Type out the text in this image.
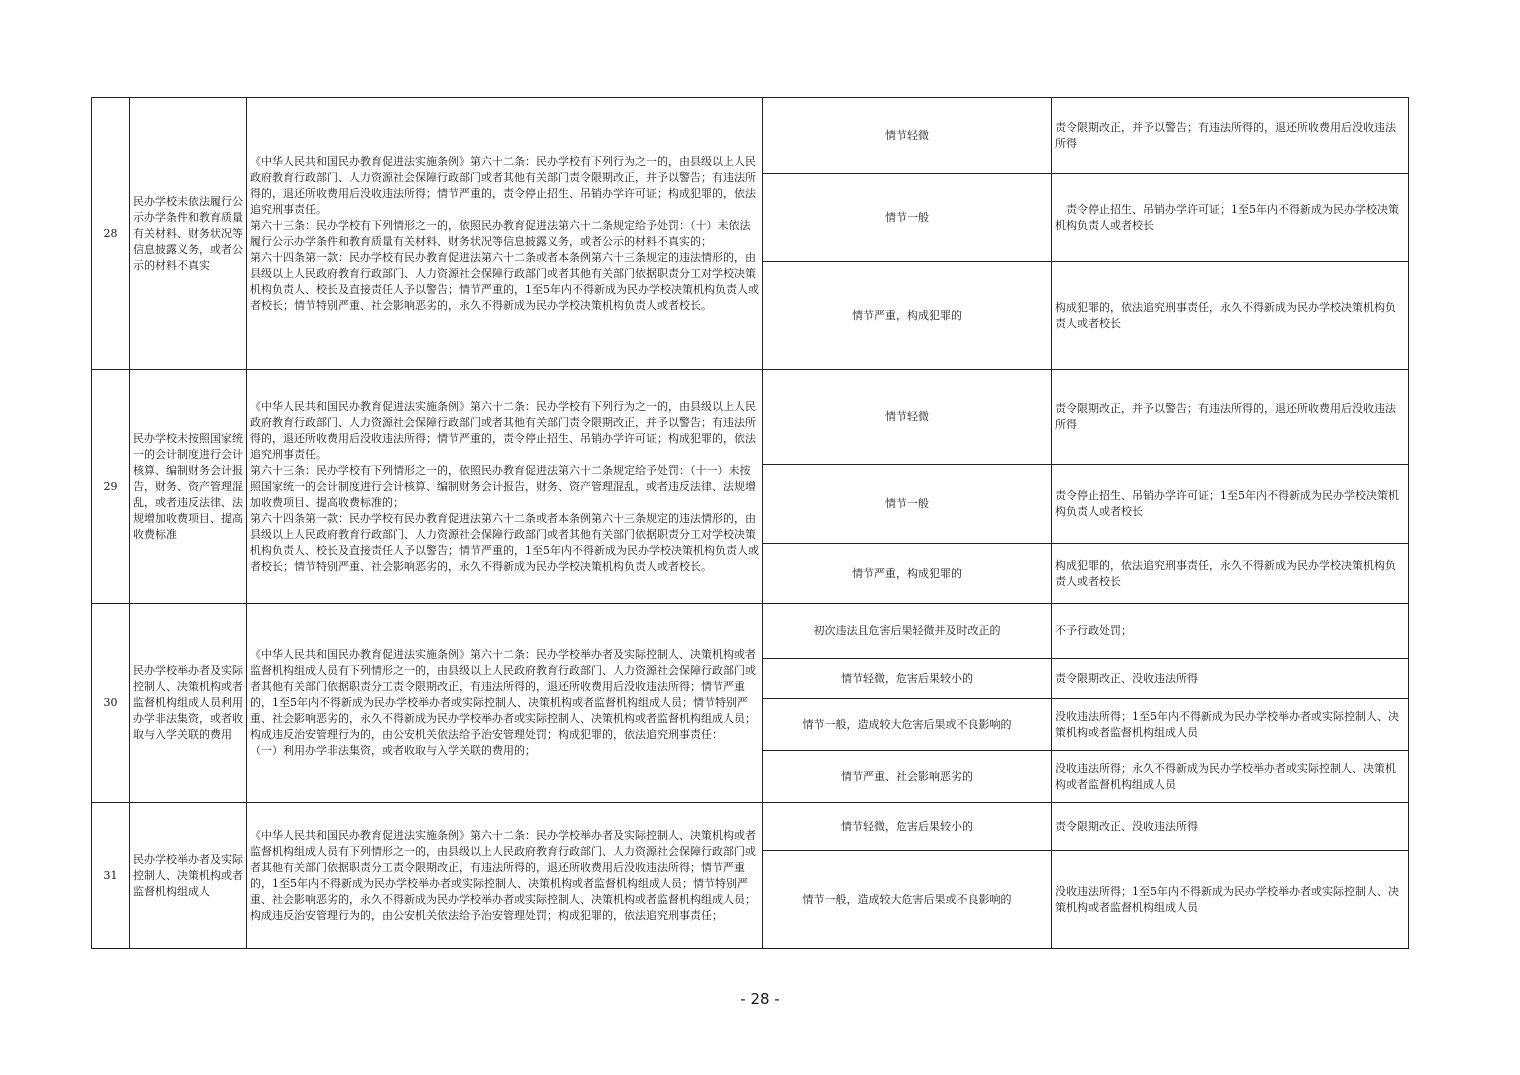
28	民办学校未依法履行公示办学条件和教育质量有关材料、财务状况等信息披露义务，或者公示的材料不真实	《中华人民共和国民办教育促进法实施条例》第六十二条：民办学校有下列行为之一的，由县级以上人民政府教育行政部门、人力资源社会保障行政部门或者其他有关部门责令限期改正，并予以警告；有违法所得的，退还所收费用后没收违法所得；情节严重的，责令停止招生、吊销办学许可证；构成犯罪的，依法追究刑事责任。
第六十三条：民办学校有下列情形之一的，依照民办教育促进法第六十二条规定给予处罚：（十）未依法履行公示办学条件和教育质量有关材料、财务状况等信息披露义务，或者公示的材料不真实的；
第六十四条第一款：民办学校有民办教育促进法第六十二条或者本条例第六十三条规定的违法情形的，由县级以上人民政府教育行政部门、人力资源社会保障行政部门或者其他有关部门依据职责分工对学校决策机构负责人、校长及直接责任人予以警告；情节严重的，1至5年内不得新成为民办学校决策机构负责人或者校长；情节特别严重、社会影响恶劣的，永久不得新成为民办学校决策机构负责人或者校长。	情节轻微	责令限期改正，并予以警告；有违法所得的，退还所收费用后没收违法所得
			情节一般	　责令停止招生、吊销办学许可证；1至5年内不得新成为民办学校决策机构负责人或者校长
			情节严重，构成犯罪的	构成犯罪的，依法追究刑事责任，永久不得新成为民办学校决策机构负责人或者校长
29	民办学校未按照国家统一的会计制度进行会计核算、编制财务会计报告，财务、资产管理混乱，或者违反法律、法规增加收费项目、提高收费标准	《中华人民共和国民办教育促进法实施条例》第六十二条：民办学校有下列行为之一的，由县级以上人民政府教育行政部门、人力资源社会保障行政部门或者其他有关部门责令限期改正，并予以警告；有违法所得的，退还所收费用后没收违法所得；情节严重的，责令停止招生、吊销办学许可证；构成犯罪的，依法追究刑事责任。
第六十三条：民办学校有下列情形之一的，依照民办教育促进法第六十二条规定给予处罚：（十一）未按照国家统一的会计制度进行会计核算、编制财务会计报告，财务、资产管理混乱，或者违反法律、法规增加收费项目、提高收费标准的；
第六十四条第一款：民办学校有民办教育促进法第六十二条或者本条例第六十三条规定的违法情形的，由县级以上人民政府教育行政部门、人力资源社会保障行政部门或者其他有关部门依据职责分工对学校决策机构负责人、校长及直接责任人予以警告；情节严重的，1至5年内不得新成为民办学校决策机构负责人或者校长；情节特别严重、社会影响恶劣的，永久不得新成为民办学校决策机构负责人或者校长。	情节轻微	责令限期改正，并予以警告；有违法所得的，退还所收费用后没收违法所得
			情节一般	责令停止招生、吊销办学许可证；1至5年内不得新成为民办学校决策机构负责人或者校长
			情节严重，构成犯罪的	构成犯罪的，依法追究刑事责任，永久不得新成为民办学校决策机构负责人或者校长
30	民办学校举办者及实际控制人、决策机构或者监督机构组成人员利用办学非法集资，或者收取与入学关联的费用	《中华人民共和国民办教育促进法实施条例》第六十二条：民办学校举办者及实际控制人、决策机构或者监督机构组成人员有下列情形之一的，由县级以上人民政府教育行政部门、人力资源社会保障行政部门或者其他有关部门依据职责分工责令限期改正，有违法所得的，退还所收费用后没收违法所得；情节严重的，1至5年内不得新成为民办学校举办者或实际控制人、决策机构或者监督机构组成人员；情节特别严重、社会影响恶劣的，永久不得新成为民办学校举办者或实际控制人、决策机构或者监督机构组成人员；构成违反治安管理行为的，由公安机关依法给予治安管理处罚；构成犯罪的，依法追究刑事责任：
（一）利用办学非法集资，或者收取与入学关联的费用的；	初次违法且危害后果轻微并及时改正的	不予行政处罚；
			情节轻微，危害后果较小的	责令限期改正、没收违法所得
			情节一般，造成较大危害后果或不良影响的	没收违法所得；1至5年内不得新成为民办学校举办者或实际控制人、决策机构或者监督机构组成人员
			情节严重、社会影响恶劣的	没收违法所得；永久不得新成为民办学校举办者或实际控制人、决策机构或者监督机构组成人员
31	民办学校举办者及实际控制人、决策机构或者监督机构组成人	《中华人民共和国民办教育促进法实施条例》第六十二条：民办学校举办者及实际控制人、决策机构或者监督机构组成人员有下列情形之一的，由县级以上人民政府教育行政部门、人力资源社会保障行政部门或者其他有关部门依据职责分工责令限期改正，有违法所得的，退还所收费用后没收违法所得；情节严重的，1至5年内不得新成为民办学校举办者或实际控制人、决策机构或者监督机构组成人员；情节特别严重、社会影响恶劣的，永久不得新成为民办学校举办者或实际控制人、决策机构或者监督机构组成人员；构成违反治安管理行为的，由公安机关依法给予治安管理处罚；构成犯罪的，依法追究刑事责任；	情节轻微，危害后果较小的	责令限期改正、没收违法所得
			情节一般，造成较大危害后果或不良影响的	没收违法所得；1至5年内不得新成为民办学校举办者或实际控制人、决策机构或者监督机构组成人员
- 28 -
